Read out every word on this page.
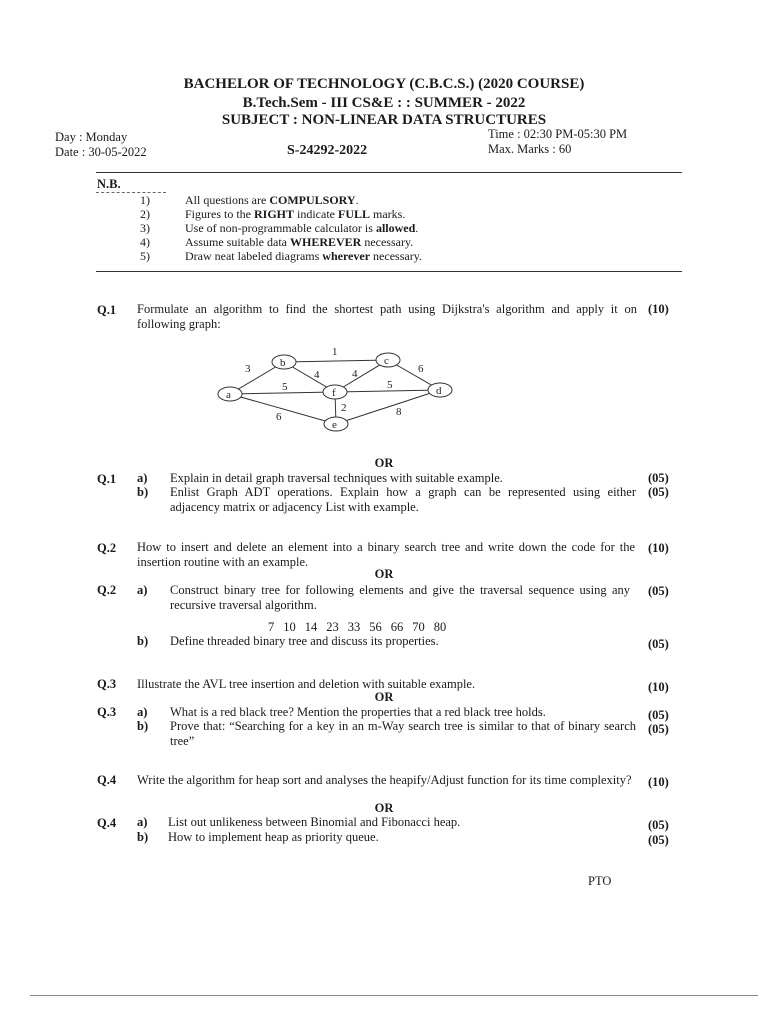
BACHELOR OF TECHNOLOGY (C.B.C.S.) (2020 COURSE)
B.Tech.Sem - III CS&E : : SUMMER - 2022
SUBJECT : NON-LINEAR DATA STRUCTURES
Day : Monday
Date : 30-05-2022	S-24292-2022
Time : 02:30 PM-05:30 PM
Max. Marks : 60
N.B.
1)	All questions are COMPULSORY.
2)	Figures to the RIGHT indicate FULL marks.
3)	Use of non-programmable calculator is allowed.
4)	Assume suitable data WHEREVER necessary.
5)	Draw neat labeled diagrams wherever necessary.
Q.1 Formulate an algorithm to find the shortest path using Dijkstra's algorithm and apply it on following graph:
(10)
3
1
4	4	6
5	5
6
2	8
a
b	c
d
e
f
OR
Q.1 a) Explain in detail graph traversal techniques with suitable example.	(05)
b) Enlist Graph ADT operations. Explain how a graph can be represented using either adjacency matrix or adjacency List with example.
(05)
Q.2 How to insert and delete an element into a binary search tree and write down the code for the insertion routine with an example.
(10)
OR
Q.2 a) Construct binary tree for following elements and give the traversal sequence using any recursive traversal algorithm.
(05)
7 10 14 23 33 56 66 70 80
b) Define threaded binary tree and discuss its properties.	(05)
Q.3 Illustrate the AVL tree insertion and deletion with suitable example.	(10)
OR
Q.3 a) What is a red black tree? Mention the properties that a red black tree holds.	(05)
b) Prove that: “Searching for a key in an m-Way search tree is similar to that of binary search tree”
(05)
Q.4 Write the algorithm for heap sort and analyses the heapify/Adjust function for its time complexity? (10)
OR
Q.4 a) List out unlikeness between Binomial and Fibonacci heap.	(05)
b) How to implement heap as priority queue.	(05)
PTO
